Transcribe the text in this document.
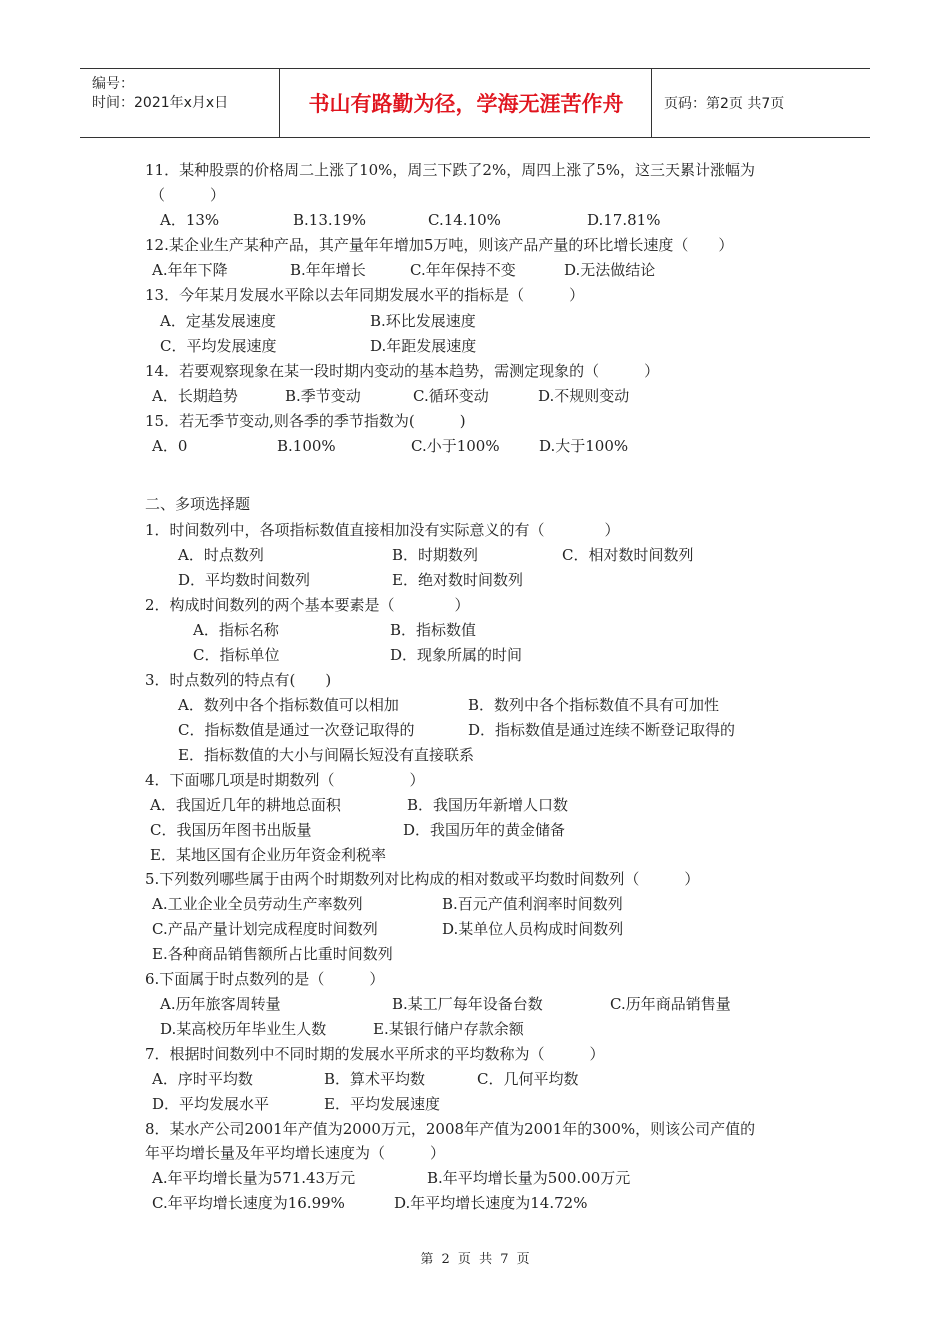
编号：
时间：2021年x月x日	书山有路勤为径，学海无涯苦作舟	页码：第2页 共7页
11．某种股票的价格周二上涨了10%，周三下跌了2%，周四上涨了5%，这三天累计涨幅为
（　　　）
A．13%	B.13.19%	C.14.10%	D.17.81%
12.某企业生产某种产品，其产量年年增加5万吨，则该产品产量的环比增长速度（　　）
A.年年下降	B.年年增长	C.年年保持不变	D.无法做结论
13．今年某月发展水平除以去年同期发展水平的指标是（　　　）
A．定基发展速度	B.环比发展速度
C．平均发展速度	D.年距发展速度
14．若要观察现象在某一段时期内变动的基本趋势，需测定现象的（　　　）
A．长期趋势	B.季节变动	C.循环变动	D.不规则变动
15．若无季节变动,则各季的季节指数为(　　　)
A．0	B.100%	C.小于100%	D.大于100%
二、多项选择题
1．时间数列中，各项指标数值直接相加没有实际意义的有（　　　　）
A．时点数列	B．时期数列	C．相对数时间数列
D．平均数时间数列	E．绝对数时间数列
2．构成时间数列的两个基本要素是（　　　　）
A．指标名称	B．指标数值
C．指标单位	D．现象所属的时间
3．时点数列的特点有(　　)
A．数列中各个指标数值可以相加	B．数列中各个指标数值不具有可加性
C．指标数值是通过一次登记取得的	D．指标数值是通过连续不断登记取得的
E．指标数值的大小与间隔长短没有直接联系
4．下面哪几项是时期数列（　　　　　）
A．我国近几年的耕地总面积	B．我国历年新增人口数
C．我国历年图书出版量	D．我国历年的黄金储备
E．某地区国有企业历年资金利税率
5.下列数列哪些属于由两个时期数列对比构成的相对数或平均数时间数列（　　　）
A.工业企业全员劳动生产率数列	B.百元产值利润率时间数列
C.产品产量计划完成程度时间数列	D.某单位人员构成时间数列
E.各种商品销售额所占比重时间数列
6.下面属于时点数列的是（　　　）
A.历年旅客周转量	B.某工厂每年设备台数	C.历年商品销售量
D.某高校历年毕业生人数	E.某银行储户存款余额
7．根据时间数列中不同时期的发展水平所求的平均数称为（　　　）
A．序时平均数	B．算术平均数	C．几何平均数
D．平均发展水平	E．平均发展速度
8．某水产公司2001年产值为2000万元，2008年产值为2001年的300%，则该公司产值的
年平均增长量及年平均增长速度为（　　　）
A.年平均增长量为571.43万元	B.年平均增长量为500.00万元
C.年平均增长速度为16.99%	D.年平均增长速度为14.72%
第 2 页 共 7 页
